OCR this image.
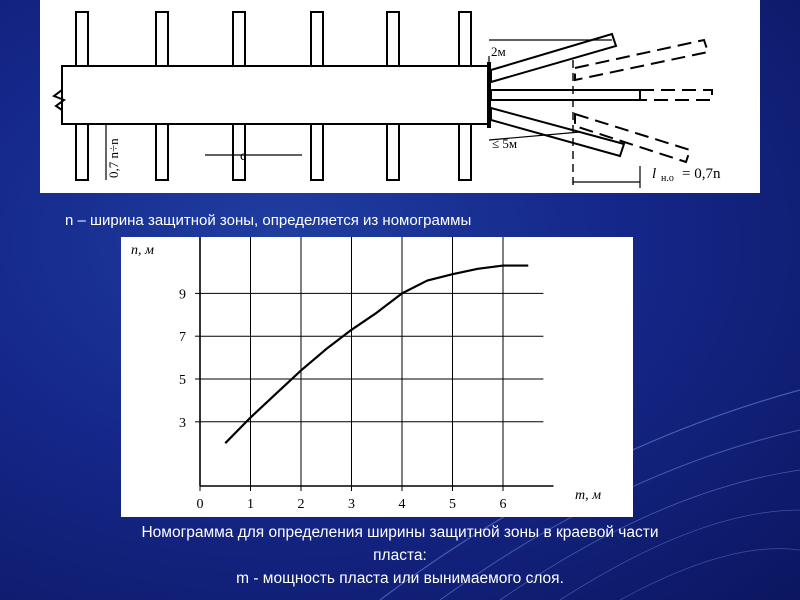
2м
≤ 5м
c
0,7 n÷n	l н.о = 0,7n
n – ширина защитной зоны, определяется из номограммы
0	1	2	3	4	5	6
3
5
7
9
n, м
m, м
Номограмма для определения ширины защитной зоны в краевой части
пласта:
m - мощность пласта или вынимаемого слоя.
